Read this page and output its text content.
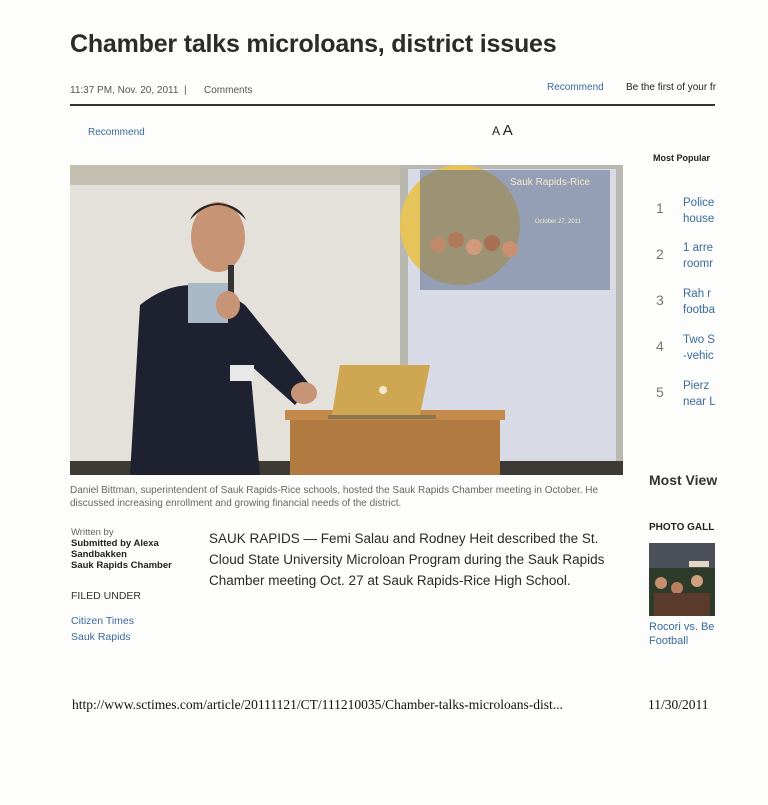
Chamber talks microloans, district issues
11:37 PM, Nov. 20, 2011 | Comments	Recommend Be the first of your fr
Recommend	A A
Sauk Rapids-Rice
October 27, 2011
Daniel Bittman, superintendent of Sauk Rapids-Rice schools, hosted the Sauk Rapids Chamber meeting in October. He discussed increasing enrollment and growing financial needs of the district.
Written by
Submitted by Alexa Sandbakken
Sauk Rapids Chamber
FILED UNDER
Citizen Times
Sauk Rapids
SAUK RAPIDS — Femi Salau and Rodney Heit described the St. Cloud State University Microloan Program during the Sauk Rapids Chamber meeting Oct. 27 at Sauk Rapids-Rice High School.
Most Popular
1 Police
house
2 1 arre
roomr
3 Rah r
footba
4 Two S
-vehic
5 Pierz
near L
Most View
PHOTO GALL
Rocori vs. Be
Football
http://www.sctimes.com/article/20111121/CT/111210035/Chamber-talks-microloans-dist...	11/30/2011
